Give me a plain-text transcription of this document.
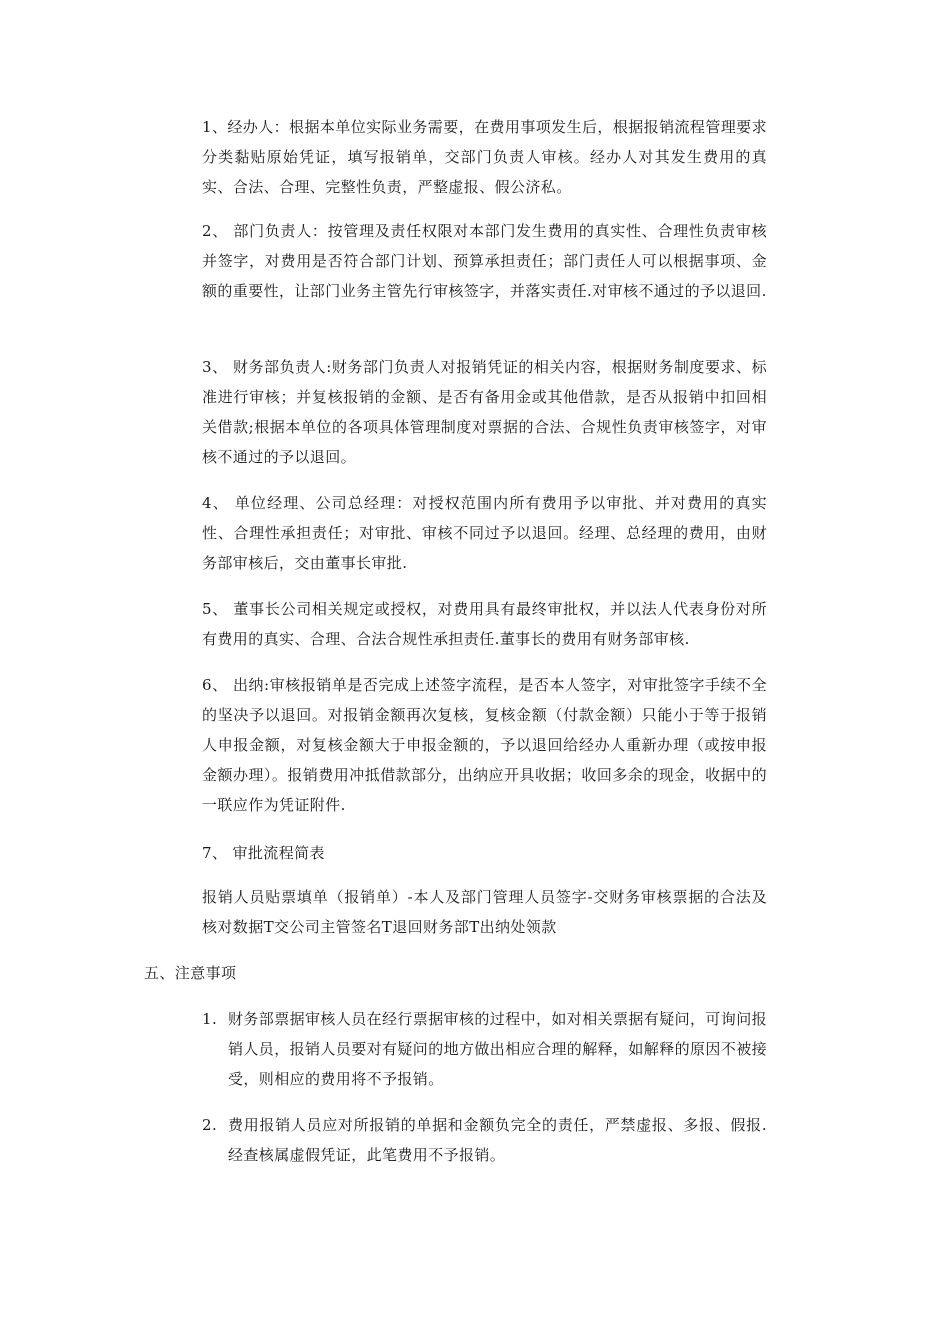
1、经办人：根据本单位实际业务需要，在费用事项发生后，根据报销流程管理要求分类黏贴原始凭证，填写报销单，交部门负责人审核。经办人对其发生费用的真实、合法、合理、完整性负责，严整虚报、假公济私。

2、 部门负责人：按管理及责任权限对本部门发生费用的真实性、合理性负责审核并签字，对费用是否符合部门计划、预算承担责任；部门责任人可以根据事项、金额的重要性，让部门业务主管先行审核签字，并落实责任.对审核不通过的予以退回.

3、 财务部负责人:财务部门负责人对报销凭证的相关内容，根据财务制度要求、标准进行审核；并复核报销的金额、是否有备用金或其他借款，是否从报销中扣回相关借款;根据本单位的各项具体管理制度对票据的合法、合规性负责审核签字，对审核不通过的予以退回。

4、 单位经理、公司总经理：对授权范围内所有费用予以审批、并对费用的真实性、合理性承担责任；对审批、审核不同过予以退回。经理、总经理的费用，由财务部审核后，交由董事长审批.

5、 董事长公司相关规定或授权，对费用具有最终审批权，并以法人代表身份对所有费用的真实、合理、合法合规性承担责任.董事长的费用有财务部审核.

6、 出纳:审核报销单是否完成上述签字流程，是否本人签字，对审批签字手续不全的坚决予以退回。对报销金额再次复核，复核金额（付款金额）只能小于等于报销人申报金额，对复核金额大于申报金额的，予以退回给经办人重新办理（或按申报金额办理）。报销费用冲抵借款部分，出纳应开具收据；收回多余的现金，收据中的一联应作为凭证附件.

7、 审批流程简表

报销人员贴票填单（报销单）-本人及部门管理人员签字-交财务审核票据的合法及核对数据T交公司主管签名T退回财务部T出纳处领款

五、注意事项

1. 财务部票据审核人员在经行票据审核的过程中，如对相关票据有疑问，可询问报销人员，报销人员要对有疑问的地方做出相应合理的解释，如解释的原因不被接受，则相应的费用将不予报销。
2. 费用报销人员应对所报销的单据和金额负完全的责任，严禁虚报、多报、假报.经查核属虚假凭证，此笔费用不予报销。
